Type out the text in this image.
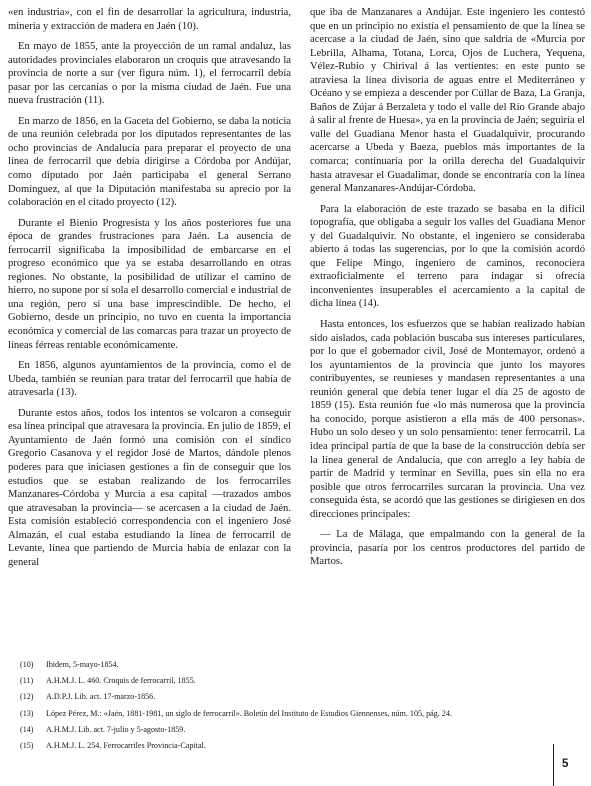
«en industria», con el fin de desarrollar la agricultura, industria, minería y extracción de madera en Jaén (10).

En mayo de 1855, ante la proyección de un ramal andaluz, las autoridades provinciales elaboraron un croquis que atravesando la provincia de norte a sur (ver figura núm. 1), el ferrocarril debía pasar por las cercanías o por la misma ciudad de Jaén. Fue una nueva frustración (11).

En marzo de 1856, en la Gaceta del Gobierno, se daba la noticia de una reunión celebrada por los diputados representantes de las ocho provincias de Andalucía para preparar el proyecto de una línea de ferrocarril que debía dirigirse a Córdoba por Andújar, como diputado por Jaén participaba el general Serrano Domínguez, al que la Diputación manifestaba su aprecio por la colaboración en el citado proyecto (12).

Durante el Bienio Progresista y los años posteriores fue una época de grandes frustraciones para Jaén. La ausencia de ferrocarril significaba la imposibilidad de embarcarse en el progreso económico que ya se estaba desarrollando en otras regiones. No obstante, la posibilidad de utilizar el camino de hierro, no supone por sí sola el desarrollo comercial e industrial de una región, pero sí una base imprescindible. De hecho, el Gobierno, desde un principio, no tuvo en cuenta la importancia económica y comercial de las comarcas para trazar un proyecto de líneas férreas rentable económicamente.

En 1856, algunos ayuntamientos de la provincia, como el de Ubeda, también se reunían para tratar del ferrocarril que había de atravesarla (13).

Durante estos años, todos los intentos se volcaron a conseguir esa línea principal que atravesara la provincia. En julio de 1859, el Ayuntamiento de Jaén formó una comisión con el síndico Gregorio Casanova y el regidor José de Martos, dándole plenos poderes para que iniciasen gestiones a fin de conseguir que los estudios que se estaban realizando de los ferrocarriles Manzanares-Córdoba y Murcia a esa capital —trazados ambos que atravesaban la provincia— se acercasen a la ciudad de Jaén. Esta comisión estableció correspondencia con el ingeniero José Almazán, el cual estaba estudiando la línea de ferrocarril de Levante, línea que partiendo de Murcia había de enlazar con la general

que iba de Manzanares a Andújar. Este ingeniero les contestó que en un principio no existía el pensamiento de que la línea se acercase a la ciudad de Jaén, sino que saldría de «Murcia por Lebrilla, Alhama, Totana, Lorca, Ojos de Luchera, Yequena, Vélez-Rubio y Chirival á las vertientes: en este punto se atraviesa la línea divisoria de aguas entre el Mediterráneo y Océano y se empieza a descender por Cúllar de Baza, La Granja, Baños de Zújar á Berzaleta y todo el valle del Río Grande abajo á salir al frente de Huesa», ya en la provincia de Jaén; seguiría el valle del Guadiana Menor hasta el Guadalquivir, procurando acercarse a Ubeda y Baeza, pueblos más importantes de la comarca; continuaría por la orilla derecha del Guadalquivir hasta atravesar el Guadalimar, donde se encontraría con la línea general Manzanares-Andújar-Córdoba.

Para la elaboración de este trazado se basaba en la difícil topografía, que obligaba a seguir los valles del Guadiana Menor y del Guadalquivir. No obstante, el ingeniero se consideraba abierto á todas las sugerencias, por lo que la comisión acordó que Felipe Mingo, ingeniero de caminos, reconociera extraoficialmente el terreno para indagar si ofrecía inconvenientes insuperables el acercamiento a la capital de dicha línea (14).

Hasta entonces, los esfuerzos que se habían realizado habían sido aislados, cada población buscaba sus intereses particulares, por lo que el gobernador civil, José de Montemayor, ordenó a los ayuntamientos de la provincia que junto los mayores contribuyentes, se reunieses y mandasen representantes a una reunión general que debía tener lugar el día 25 de agosto de 1859 (15). Esta reunión fue «lo más numerosa que la provincia ha conocido, porque asistieron a ella más de 400 personas». Hubo un solo deseo y un solo pensamiento: tener ferrocarril. La idea principal partía de que la base de la construcción debía ser la línea general de Andalucía, que con arreglo a ley había de partir de Madrid y terminar en Sevilla, pues sin ella no era posible que otros ferrocarriles surcaran la provincia. Una vez conseguida ésta, se acordó que las gestiones se dirigiesen en dos direcciones principales:

— La de Málaga, que empalmando con la general de la provincia, pasaría por los centros productores del partido de Martos.

(10)	Ibidem, 5-mayo-1854.
(11)	A.H.M.J. L. 460. Croquis de ferrocarril, 1855.
(12)	A.D.P.J. Lib. act. 17-marzo-1856.
(13)	López Pérez, M.: «Jaén, 1881-1981, un siglo de ferrocarril». Boletín del Instituto de Estudios Giennenses, núm. 105, pág. 24.
(14)	A.H.M.J. Lib. act. 7-julio y 5-agosto-1859.
(15)	A.H.M.J. L. 254. Ferrocarriles Provincia-Capital.
5
